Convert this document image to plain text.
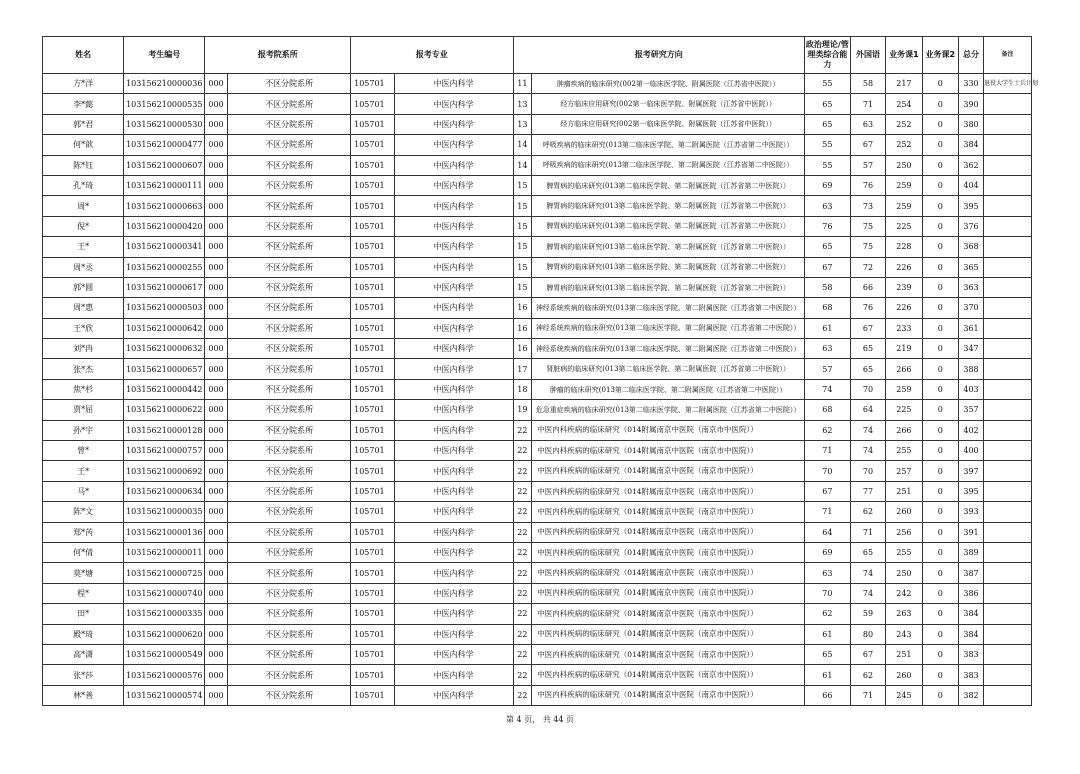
姓名	考生编号	报考院系所		报考专业		报考研究方向		政治理论/管理类综合能力	外国语	业务课1	业务课2	总分	备注
方*洋	103156210000036	000	不区分院系所	105701	中医内科学	11	肿瘤疾病的临床研究(002第一临床医学院、附属医院（江苏省中医院））	55	58	217	0	330	退役大学生士兵计划
李*懿	103156210000535	000	不区分院系所	105701	中医内科学	13	经方临床应用研究(002第一临床医学院、附属医院（江苏省中医院））	65	71	254	0	390	
郭*君	103156210000530	000	不区分院系所	105701	中医内科学	13	经方临床应用研究(002第一临床医学院、附属医院（江苏省中医院））	65	63	252	0	380	
何*歆	103156210000477	000	不区分院系所	105701	中医内科学	14	呼吸疾病的临床研究(013第二临床医学院、第二附属医院（江苏省第二中医院））	55	67	252	0	384	
陈*钰	103156210000607	000	不区分院系所	105701	中医内科学	14	呼吸疾病的临床研究(013第二临床医学院、第二附属医院（江苏省第二中医院））	55	57	250	0	362	
孔*琦	103156210000111	000	不区分院系所	105701	中医内科学	15	脾胃病的临床研究(013第二临床医学院、第二附属医院（江苏省第二中医院））	69	76	259	0	404	
周*	103156210000663	000	不区分院系所	105701	中医内科学	15	脾胃病的临床研究(013第二临床医学院、第二附属医院（江苏省第二中医院））	63	73	259	0	395	
倪*	103156210000420	000	不区分院系所	105701	中医内科学	15	脾胃病的临床研究(013第二临床医学院、第二附属医院（江苏省第二中医院））	76	75	225	0	376	
王*	103156210000341	000	不区分院系所	105701	中医内科学	15	脾胃病的临床研究(013第二临床医学院、第二附属医院（江苏省第二中医院））	65	75	228	0	368	
周*丞	103156210000255	000	不区分院系所	105701	中医内科学	15	脾胃病的临床研究(013第二临床医学院、第二附属医院（江苏省第二中医院））	67	72	226	0	365	
郭*圆	103156210000617	000	不区分院系所	105701	中医内科学	15	脾胃病的临床研究(013第二临床医学院、第二附属医院（江苏省第二中医院））	58	66	239	0	363	
周*惠	103156210000503	000	不区分院系所	105701	中医内科学	16	神经系统疾病的临床研究(013第二临床医学院、第二附属医院（江苏省第二中医院））	68	76	226	0	370	
王*欣	103156210000642	000	不区分院系所	105701	中医内科学	16	神经系统疾病的临床研究(013第二临床医学院、第二附属医院（江苏省第二中医院））	61	67	233	0	361	
刘*冉	103156210000632	000	不区分院系所	105701	中医内科学	16	神经系统疾病的临床研究(013第二临床医学院、第二附属医院（江苏省第二中医院））	63	65	219	0	347	
张*杰	103156210000657	000	不区分院系所	105701	中医内科学	17	肾脏病的临床研究(013第二临床医学院、第二附属医院（江苏省第二中医院））	57	65	266	0	388	
焦*杉	103156210000442	000	不区分院系所	105701	中医内科学	18	肿瘤的临床研究(013第二临床医学院、第二附属医院（江苏省第二中医院））	74	70	259	0	403	
贾*屈	103156210000622	000	不区分院系所	105701	中医内科学	19	危急重症疾病的临床研究(013第二临床医学院、第二附属医院（江苏省第二中医院））	68	64	225	0	357	
孙*宇	103156210000128	000	不区分院系所	105701	中医内科学	22	中医内科疾病的临床研究（014附属南京中医院（南京市中医院））	62	74	266	0	402	
曾*	103156210000757	000	不区分院系所	105701	中医内科学	22	中医内科疾病的临床研究（014附属南京中医院（南京市中医院））	71	74	255	0	400	
王*	103156210000692	000	不区分院系所	105701	中医内科学	22	中医内科疾病的临床研究（014附属南京中医院（南京市中医院））	70	70	257	0	397	
马*	103156210000634	000	不区分院系所	105701	中医内科学	22	中医内科疾病的临床研究（014附属南京中医院（南京市中医院））	67	77	251	0	395	
陈*文	103156210000035	000	不区分院系所	105701	中医内科学	22	中医内科疾病的临床研究（014附属南京中医院（南京市中医院））	71	62	260	0	393	
郑*芮	103156210000136	000	不区分院系所	105701	中医内科学	22	中医内科疾病的临床研究（014附属南京中医院（南京市中医院））	64	71	256	0	391	
何*倩	103156210000011	000	不区分院系所	105701	中医内科学	22	中医内科疾病的临床研究（014附属南京中医院（南京市中医院））	69	65	255	0	389	
莫*塘	103156210000725	000	不区分院系所	105701	中医内科学	22	中医内科疾病的临床研究（014附属南京中医院（南京市中医院））	63	74	250	0	387	
程*	103156210000740	000	不区分院系所	105701	中医内科学	22	中医内科疾病的临床研究（014附属南京中医院（南京市中医院））	70	74	242	0	386	
田*	103156210000335	000	不区分院系所	105701	中医内科学	22	中医内科疾病的临床研究（014附属南京中医院（南京市中医院））	62	59	263	0	384	
殿*琦	103156210000620	000	不区分院系所	105701	中医内科学	22	中医内科疾病的临床研究（014附属南京中医院（南京市中医院））	61	80	243	0	384	
高*潇	103156210000549	000	不区分院系所	105701	中医内科学	22	中医内科疾病的临床研究（014附属南京中医院（南京市中医院））	65	67	251	0	383	
张*莎	103156210000576	000	不区分院系所	105701	中医内科学	22	中医内科疾病的临床研究（014附属南京中医院（南京市中医院））	61	62	260	0	383	
林*善	103156210000574	000	不区分院系所	105701	中医内科学	22	中医内科疾病的临床研究（014附属南京中医院（南京市中医院））	66	71	245	0	382	
第 4 页， 共 44 页
